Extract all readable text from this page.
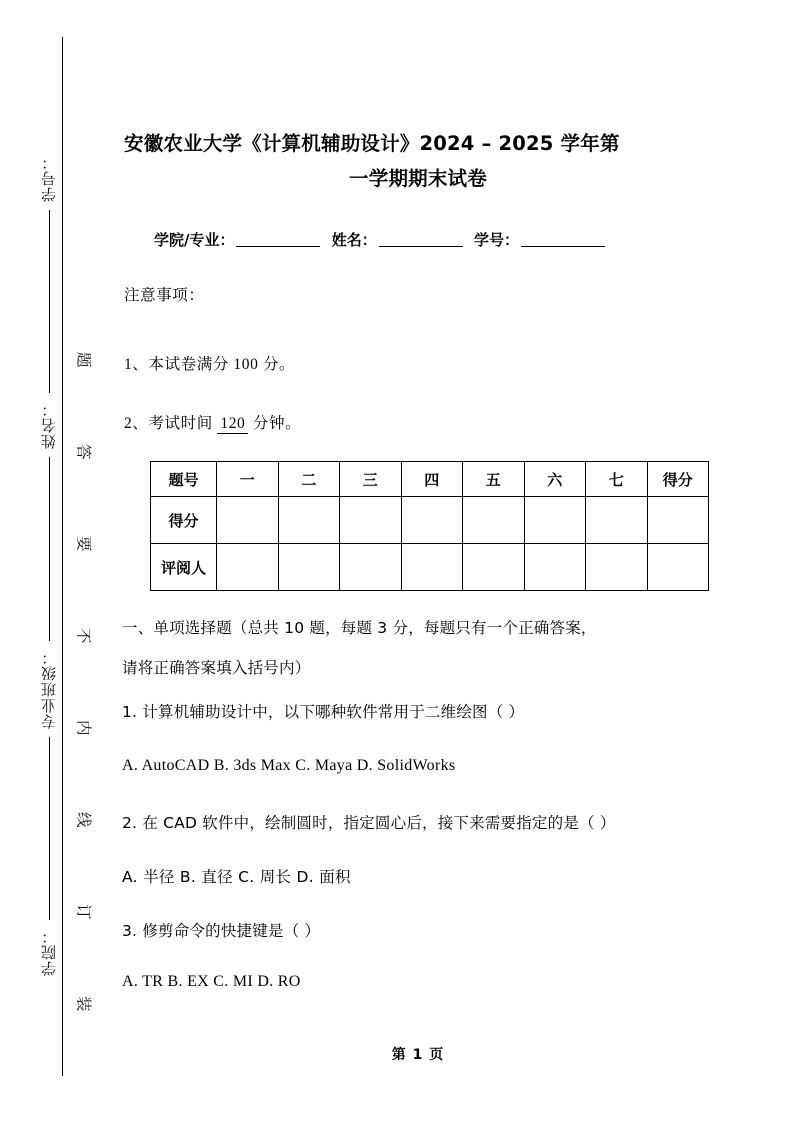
学号：
姓名：
专业班级：
学院：
题
答
要
不
内
线
订
装
安徽农业大学《计算机辅助设计》2024 – 2025 学年第
一学期期末试卷
学院/专业：	姓名：	学号：
注意事项：
1、本试卷满分 100 分。
2、考试时间 120 分钟。
题号	一	二	三	四	五	六	七	得分
得分								
评阅人								
一、单项选择题（总共 10 题，每题 3 分，每题只有一个正确答案，
请将正确答案填入括号内）
1. 计算机辅助设计中，以下哪种软件常用于二维绘图（ ）
A. AutoCAD B. 3ds Max C. Maya D. SolidWorks
2. 在 CAD 软件中，绘制圆时，指定圆心后，接下来需要指定的是（ ）
A. 半径 B. 直径 C. 周长 D. 面积
3. 修剪命令的快捷键是（ ）
A. TR B. EX C. MI D. RO
第 1 页
